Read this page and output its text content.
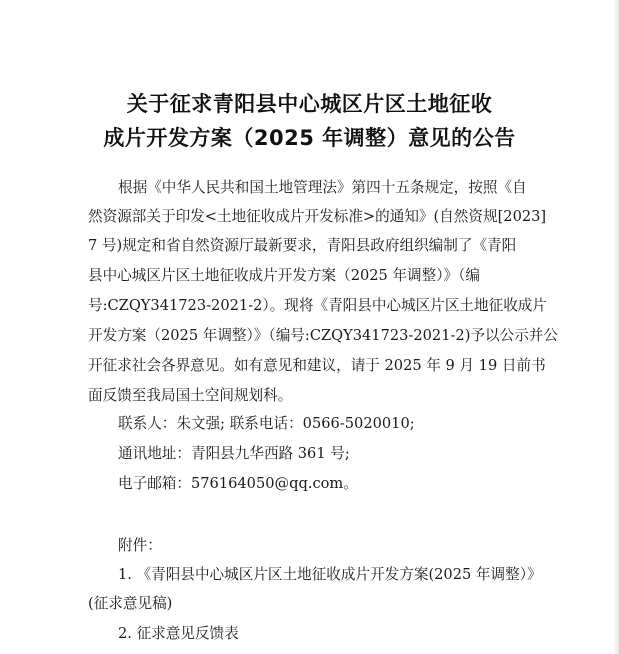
关于征求青阳县中心城区片区土地征收
成片开发方案（2025 年调整）意见的公告
根据《中华人民共和国土地管理法》第四十五条规定，按照《自
然资源部关于印发<土地征收成片开发标准>的通知》(自然资规[2023]
7 号)规定和省自然资源厅最新要求，青阳县政府组织编制了《青阳
县中心城区片区土地征收成片开发方案（2025 年调整）》（编
号:CZQY341723-2021-2）。现将《青阳县中心城区片区土地征收成片
开发方案（2025 年调整）》（编号:CZQY341723-2021-2)予以公示并公
开征求社会各界意见。如有意见和建议，请于 2025 年 9 月 19 日前书
面反馈至我局国土空间规划科。
联系人：朱文强; 联系电话：0566-5020010;
通讯地址：青阳县九华西路 361 号;
电子邮箱：576164050@qq.com。
附件：
1. 《青阳县中心城区片区土地征收成片开发方案(2025 年调整）》
(征求意见稿)
2. 征求意见反馈表
